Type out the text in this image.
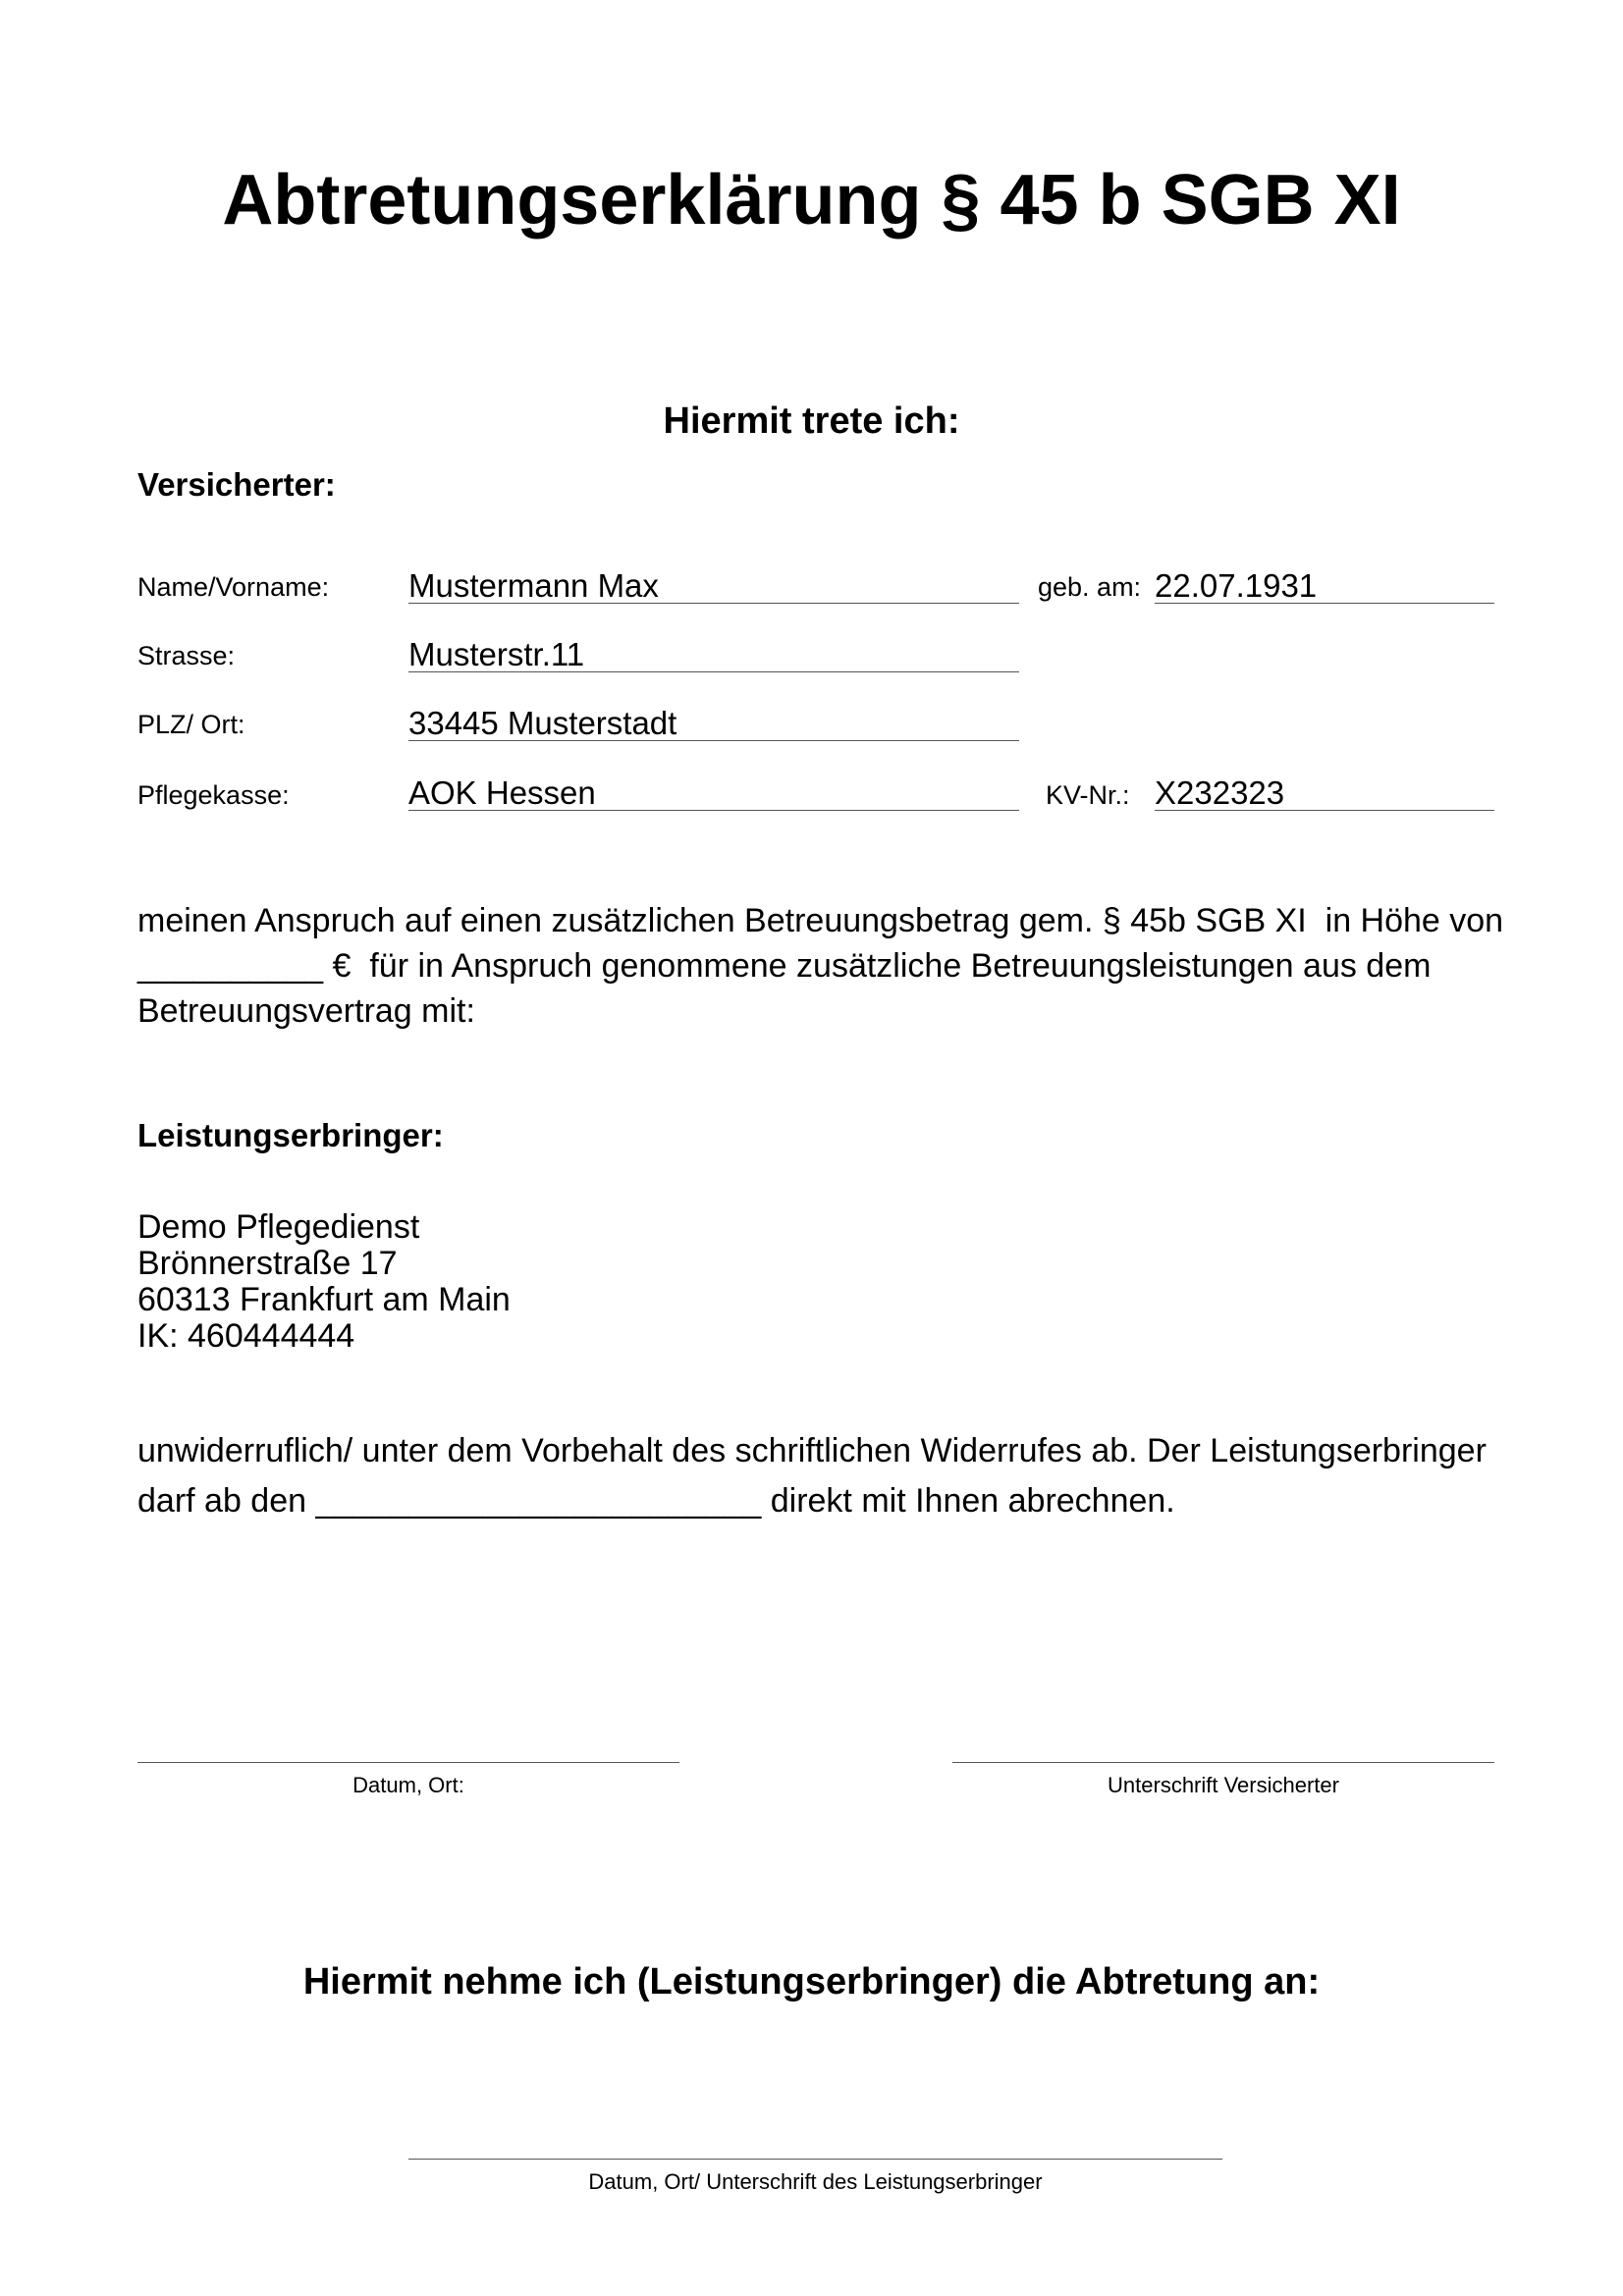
Abtretungserklärung § 45 b SGB XI
Hiermit trete ich:
Versicherter:
Name/Vorname: Mustermann Max	geb. am: 22.07.1931
Strasse:	Musterstr.11
PLZ/ Ort:	33445 Musterstadt
Pflegekasse:	AOK Hessen	KV-Nr.: X232323

meinen Anspruch auf einen zusätzlichen Betreuungsbetrag gem. § 45b SGB XI  in Höhe von

__________ €  für in Anspruch genommene zusätzliche Betreuungsleistungen aus dem

Betreuungsvertrag mit:

Leistungserbringer:
Demo Pflegedienst
Brönnerstraße 17
60313 Frankfurt am Main
IK: 460444444

unwiderruflich/ unter dem Vorbehalt des schriftlichen Widerrufes ab. Der Leistungserbringer

darf ab den ________________________ direkt mit Ihnen abrechnen.

Datum, Ort:	Unterschrift Versicherter
Hiermit nehme ich (Leistungserbringer) die Abtretung an:
Datum, Ort/ Unterschrift des Leistungserbringer
